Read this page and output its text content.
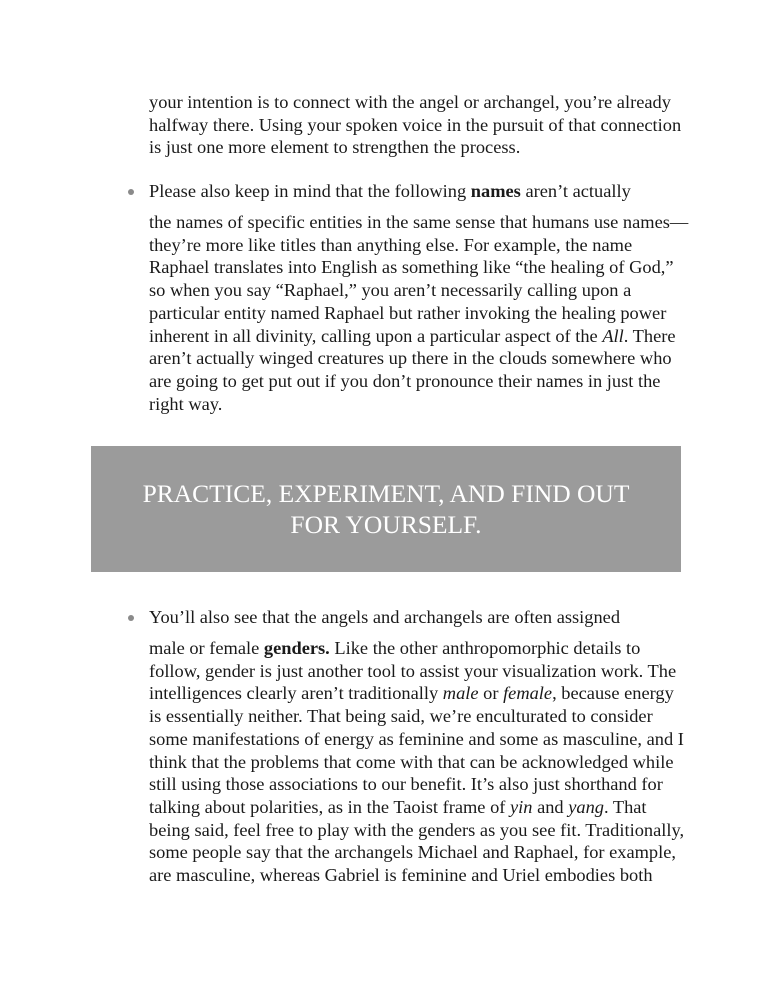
your intention is to connect with the angel or archangel, you’re already halfway there. Using your spoken voice in the pursuit of that connection is just one more element to strengthen the process.

Please also keep in mind that the following names aren’t actually

the names of specific entities in the same sense that humans use names—they’re more like titles than anything else. For example, the name Raphael translates into English as something like “the healing of God,” so when you say “Raphael,” you aren’t necessarily calling upon a particular entity named Raphael but rather invoking the healing power inherent in all divinity, calling upon a particular aspect of the All. There aren’t actually winged creatures up there in the clouds somewhere who are going to get put out if you don’t pronounce their names in just the right way.

PRACTICE, EXPERIMENT, AND FIND OUT FOR YOURSELF.

You’ll also see that the angels and archangels are often assigned

male or female genders. Like the other anthropomorphic details to follow, gender is just another tool to assist your visualization work. The intelligences clearly aren’t traditionally male or female, because energy is essentially neither. That being said, we’re enculturated to consider some manifestations of energy as feminine and some as masculine, and I think that the problems that come with that can be acknowledged while still using those associations to our benefit. It’s also just shorthand for talking about polarities, as in the Taoist frame of yin and yang. That being said, feel free to play with the genders as you see fit. Traditionally, some people say that the archangels Michael and Raphael, for example, are masculine, whereas Gabriel is feminine and Uriel embodies both
